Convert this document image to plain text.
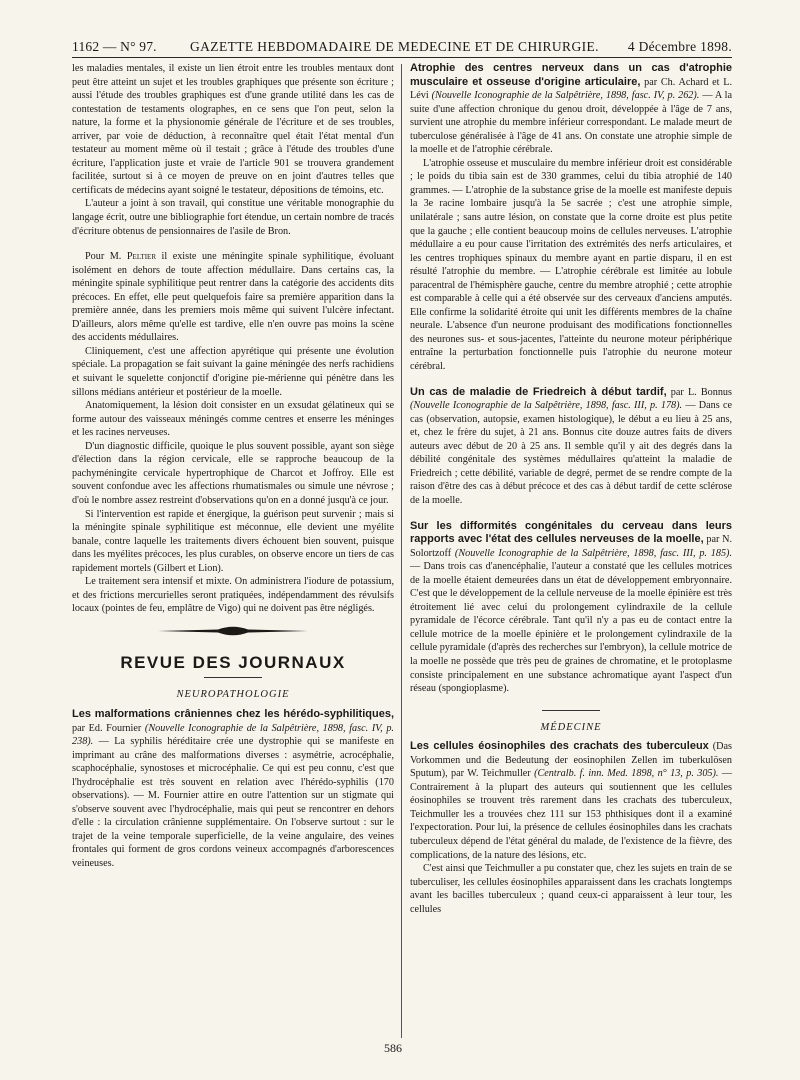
1162 — N° 97. GAZETTE HEBDOMADAIRE DE MEDECINE ET DE CHIRURGIE. 4 Décembre 1898.

les maladies mentales, il existe un lien étroit entre les troubles mentaux dont peut être atteint un sujet et les troubles graphiques que présente son écriture ; aussi l'étude des troubles graphiques est d'une grande utilité dans les cas de contestation de testaments olographes, en ce sens que l'on peut, selon la nature, la forme et la physionomie générale de l'écriture et de ses troubles, arriver, par voie de déduction, à reconnaître quel était l'état mental d'un testateur au moment même où il testait ; grâce à l'étude des troubles d'une écriture, l'application juste et vraie de l'article 901 se trouvera grandement facilitée, surtout si à ce moyen de preuve on en joint d'autres telles que certificats de médecins ayant soigné le testateur, dépositions de témoins, etc.

L'auteur a joint à son travail, qui constitue une véritable monographie du langage écrit, outre une bibliographie fort étendue, un certain nombre de tracés d'écriture obtenus de pensionnaires de l'asile de Bron.

Pour M. Peltier il existe une méningite spinale syphilitique, évoluant isolément en dehors de toute affection médullaire. Dans certains cas, la méningite spinale syphilitique peut rentrer dans la catégorie des accidents dits précoces. En effet, elle peut quelquefois faire sa première apparition dans la première année, dans les premiers mois même qui suivent l'ulcère infectant. D'ailleurs, alors même qu'elle est tardive, elle n'en ouvre pas moins la scène des accidents médullaires.

Cliniquement, c'est une affection apyrétique qui présente une évolution spéciale. La propagation se fait suivant la gaine méningée des nerfs rachidiens et suivant le squelette conjonctif d'origine pie-mérienne qui pénètre dans les sillons médians antérieur et postérieur de la moelle.

Anatomiquement, la lésion doit consister en un exsudat gélatineux qui se forme autour des vaisseaux méningés comme centres et enserre les méninges et les racines nerveuses.

D'un diagnostic difficile, quoique le plus souvent possible, ayant son siège d'élection dans la région cervicale, elle se rapproche beaucoup de la pachyméningite cervicale hypertrophique de Charcot et Joffroy. Elle est souvent confondue avec les affections rhumatismales ou simule une névrose ; d'où le nombre assez restreint d'observations qu'on en a donné jusqu'à ce jour.

Si l'intervention est rapide et énergique, la guérison peut survenir ; mais si la méningite spinale syphilitique est méconnue, elle devient une myélite banale, contre laquelle les traitements divers échouent bien souvent, puisque dans les myélites précoces, les plus curables, on observe encore un tiers de cas rapidement mortels (Gilbert et Lion).

Le traitement sera intensif et mixte. On administrera l'iodure de potassium, et des frictions mercurielles seront pratiquées, indépendamment des révulsifs locaux (pointes de feu, emplâtre de Vigo) qui ne doivent pas être négligés.

REVUE DES JOURNAUX
NEUROPATHOLOGIE

Les malformations crâniennes chez les hérédo-syphilitiques, par Ed. Fournier (Nouvelle Iconographie de la Salpêtrière, 1898, fasc. IV, p. 238). — La syphilis héréditaire crée une dystrophie qui se manifeste en imprimant au crâne des malformations diverses : asymétrie, acrocéphalie, scaphocéphalie, synostoses et microcéphalie. Ce qui est peu connu, c'est que l'hydrocéphalie est très souvent en relation avec l'hérédo-syphilis (170 observations). — M. Fournier attire en outre l'attention sur un stigmate qui s'observe souvent avec l'hydrocéphalie, mais qui peut se rencontrer en dehors d'elle : la circulation crânienne supplémentaire. On l'observe surtout : sur le trajet de la veine temporale superficielle, de la veine angulaire, des veines frontales qui forment de gros cordons veineux accompagnés d'arborescences veineuses.

Atrophie des centres nerveux dans un cas d'atrophie musculaire et osseuse d'origine articulaire, par Ch. Achard et L. Lévi (Nouvelle Iconographie de la Salpêtrière, 1898, fasc. IV, p. 262). — A la suite d'une affection chronique du genou droit, développée à l'âge de 7 ans, survient une atrophie du membre inférieur correspondant. Le malade meurt de tuberculose généralisée à l'âge de 41 ans. On constate une atrophie simple de la moelle et de l'atrophie cérébrale.

L'atrophie osseuse et musculaire du membre inférieur droit est considérable ; le poids du tibia sain est de 330 grammes, celui du tibia atrophié de 140 grammes. — L'atrophie de la substance grise de la moelle est manifeste depuis la 3e racine lombaire jusqu'à la 5e sacrée ; c'est une atrophie simple, unilatérale ; sans autre lésion, on constate que la corne droite est plus petite que la gauche ; elle contient beaucoup moins de cellules nerveuses. L'atrophie médullaire a eu pour cause l'irritation des extrémités des nerfs articulaires, et les centres trophiques spinaux du membre ayant en partie disparu, il en est résulté l'atrophie du membre. — L'atrophie cérébrale est limitée au lobule paracentral de l'hémisphère gauche, centre du membre atrophié ; cette atrophie est comparable à celle qui a été observée sur des cerveaux d'anciens amputés. Elle confirme la solidarité étroite qui unit les différents membres de la chaîne neurale. L'absence d'un neurone produisant des modifications fonctionnelles des neurones sus- et sous-jacentes, l'atteinte du neurone moteur périphérique entraîne la perturbation fonctionnelle puis l'atrophie du neurone moteur cérébral.

Un cas de maladie de Friedreich à début tardif, par L. Bonnus (Nouvelle Iconographie de la Salpêtrière, 1898, fasc. III, p. 178). — Dans ce cas (observation, autopsie, examen histologique), le début a eu lieu à 25 ans, et, chez le frère du sujet, à 21 ans. Bonnus cite douze autres faits de divers auteurs avec début de 20 à 25 ans. Il semble qu'il y ait des degrés dans la débilité congénitale des systèmes médullaires qu'atteint la maladie de Friedreich ; cette débilité, variable de degré, permet de se rendre compte de la raison d'être des cas à début précoce et des cas à début tardif de cette sclérose de la moelle.

Sur les difformités congénitales du cerveau dans leurs rapports avec l'état des cellules nerveuses de la moelle, par N. Solortzoff (Nouvelle Iconographie de la Salpêtrière, 1898, fasc. III, p. 185). — Dans trois cas d'anencéphalie, l'auteur a constaté que les cellules motrices de la moelle étaient demeurées dans un état de développement embryonnaire. C'est que le développement de la cellule nerveuse de la moelle épinière est très étroitement lié avec celui du prolongement cylindraxile de la cellule pyramidale de l'écorce cérébrale. Tant qu'il n'y a pas eu de contact entre la cellule motrice de la moelle épinière et le prolongement cylindraxile de la cellule pyramidale (d'après des recherches sur l'embryon), la cellule motrice de la moelle ne possède que très peu de graines de chromatine, et le protoplasme consiste principalement en une substance achromatique ayant l'aspect d'un réseau (spongioplasme).

MÉDECINE

Les cellules éosinophiles des crachats des tuberculeux (Das Vorkommen und die Bedeutung der eosinophilen Zellen im tuberkulösen Sputum), par W. Teichmuller (Centralb. f. inn. Med. 1898, n° 13, p. 305). — Contrairement à la plupart des auteurs qui soutiennent que les cellules éosinophiles se trouvent très rarement dans les crachats des tuberculeux, Teichmuller les a trouvées chez 111 sur 153 phthisiques dont il a examiné l'expectoration. Pour lui, la présence de cellules éosinophiles dans les crachats tuberculeux dépend de l'état général du malade, de l'existence de la fièvre, des complications, de la nature des lésions, etc.

C'est ainsi que Teichmuller a pu constater que, chez les sujets en train de se tuberculiser, les cellules éosinophiles apparaissent dans les crachats longtemps avant les bacilles tuberculeux ; quand ceux-ci apparaissent à leur tour, les cellules

586
